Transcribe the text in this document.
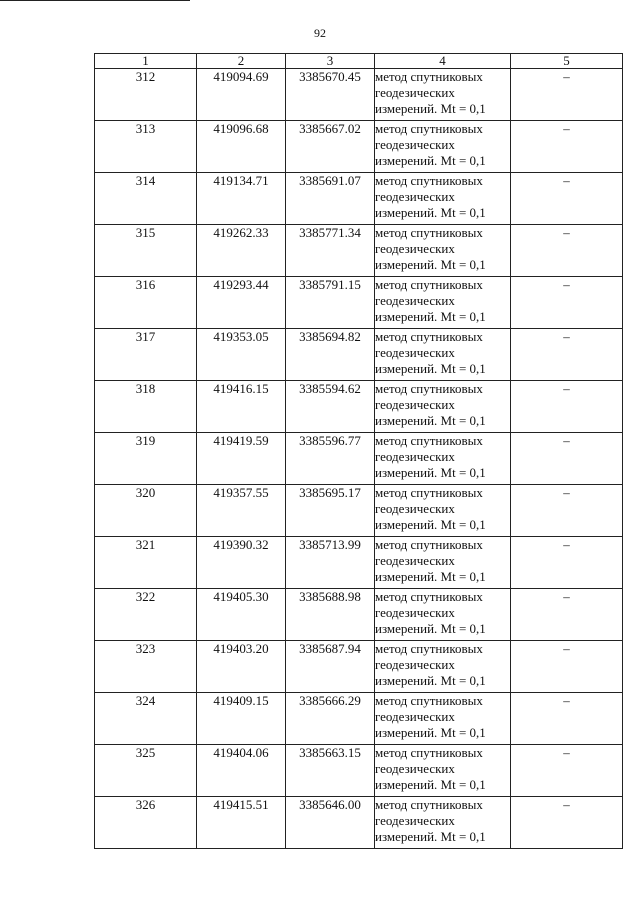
92
1	2	3	4	5
312	419094.69	3385670.45	метод спутниковых
геодезических
измерений. Mt = 0,1	–
313	419096.68	3385667.02	метод спутниковых
геодезических
измерений. Mt = 0,1	–
314	419134.71	3385691.07	метод спутниковых
геодезических
измерений. Mt = 0,1	–
315	419262.33	3385771.34	метод спутниковых
геодезических
измерений. Mt = 0,1	–
316	419293.44	3385791.15	метод спутниковых
геодезических
измерений. Mt = 0,1	–
317	419353.05	3385694.82	метод спутниковых
геодезических
измерений. Mt = 0,1	–
318	419416.15	3385594.62	метод спутниковых
геодезических
измерений. Mt = 0,1	–
319	419419.59	3385596.77	метод спутниковых
геодезических
измерений. Mt = 0,1	–
320	419357.55	3385695.17	метод спутниковых
геодезических
измерений. Mt = 0,1	–
321	419390.32	3385713.99	метод спутниковых
геодезических
измерений. Mt = 0,1	–
322	419405.30	3385688.98	метод спутниковых
геодезических
измерений. Mt = 0,1	–
323	419403.20	3385687.94	метод спутниковых
геодезических
измерений. Mt = 0,1	–
324	419409.15	3385666.29	метод спутниковых
геодезических
измерений. Mt = 0,1	–
325	419404.06	3385663.15	метод спутниковых
геодезических
измерений. Mt = 0,1	–
326	419415.51	3385646.00	метод спутниковых
геодезических
измерений. Mt = 0,1	–
